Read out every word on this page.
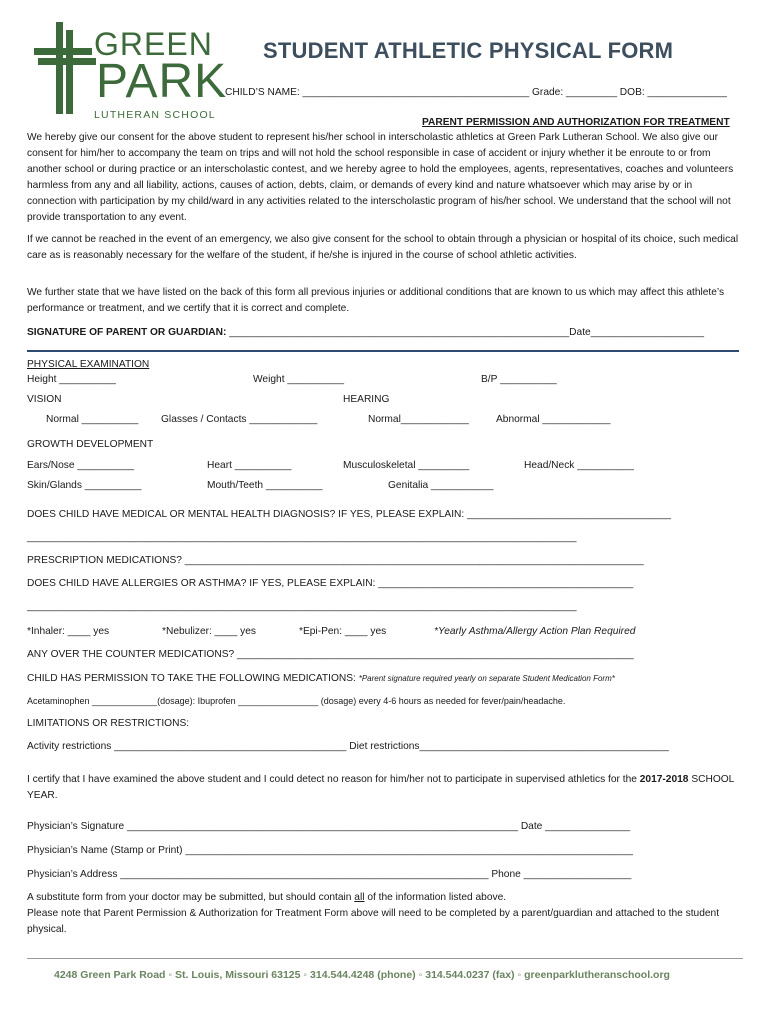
GREEN
PARK
LUTHERAN SCHOOL
STUDENT ATHLETIC PHYSICAL FORM
CHILD’S NAME: ________________________________________ Grade: _________ DOB: ______________
PARENT PERMISSION AND AUTHORIZATION FOR TREATMENT
We hereby give our consent for the above student to represent his/her school in interscholastic athletics at Green Park Lutheran School. We also give our consent for him/her to accompany the team on trips and will not hold the school responsible in case of accident or injury whether it be enroute to or from another school or during practice or an interscholastic contest, and we hereby agree to hold the employees, agents, representatives, coaches and volunteers harmless from any and all liability, actions, causes of action, debts, claim, or demands of every kind and nature whatsoever which may arise by or in connection with participation by my child/ward in any activities related to the interscholastic program of his/her school. We understand that the school will not provide transportation to any event.
If we cannot be reached in the event of an emergency, we also give consent for the school to obtain through a physician or hospital of its choice, such medical care as is reasonably necessary for the welfare of the student, if he/she is injured in the course of school athletic activities.
We further state that we have listed on the back of this form all previous injuries or additional conditions that are known to us which may affect this athlete’s performance or treatment, and we certify that it is correct and complete.
SIGNATURE OF PARENT OR GUARDIAN: ____________________________________________________________Date____________________
PHYSICAL EXAMINATION
Height __________	Weight __________	B/P __________
VISION	HEARING
Normal __________ Glasses / Contacts ____________	Normal____________	Abnormal ____________
GROWTH DEVELOPMENT
Ears/Nose __________	Heart __________	Musculoskeletal _________	Head/Neck __________
Skin/Glands __________	Mouth/Teeth __________	Genitalia ___________
DOES CHILD HAVE MEDICAL OR MENTAL HEALTH DIAGNOSIS? IF YES, PLEASE EXPLAIN: ____________________________________
_________________________________________________________________________________________________
PRESCRIPTION MEDICATIONS? _________________________________________________________________________________
DOES CHILD HAVE ALLERGIES OR ASTHMA? IF YES, PLEASE EXPLAIN: _____________________________________________
_________________________________________________________________________________________________
*Inhaler: ____ yes	*Nebulizer: ____ yes	*Epi-Pen: ____ yes	*Yearly Asthma/Allergy Action Plan Required
ANY OVER THE COUNTER MEDICATIONS? ______________________________________________________________________
CHILD HAS PERMISSION TO TAKE THE FOLLOWING MEDICATIONS: *Parent signature required yearly on separate Student Medication Form*
Acetaminophen _____________(dosage): Ibuprofen ________________ (dosage) every 4-6 hours as needed for fever/pain/headache.
LIMITATIONS OR RESTRICTIONS:
Activity restrictions _________________________________________ Diet restrictions____________________________________________
I certify that I have examined the above student and I could detect no reason for him/her not to participate in supervised athletics for the 2017-2018 SCHOOL YEAR.
Physician’s Signature _____________________________________________________________________ Date _______________
Physician’s Name (Stamp or Print) _______________________________________________________________________________
Physician’s Address _________________________________________________________________ Phone ___________________
A substitute form from your doctor may be submitted, but should contain all of the information listed above.
Please note that Parent Permission & Authorization for Treatment Form above will need to be completed by a parent/guardian and attached to the student physical.
4248 Green Park Road ◦ St. Louis, Missouri 63125 ◦ 314.544.4248 (phone) ◦ 314.544.0237 (fax) ◦ greenparklutheranschool.org
